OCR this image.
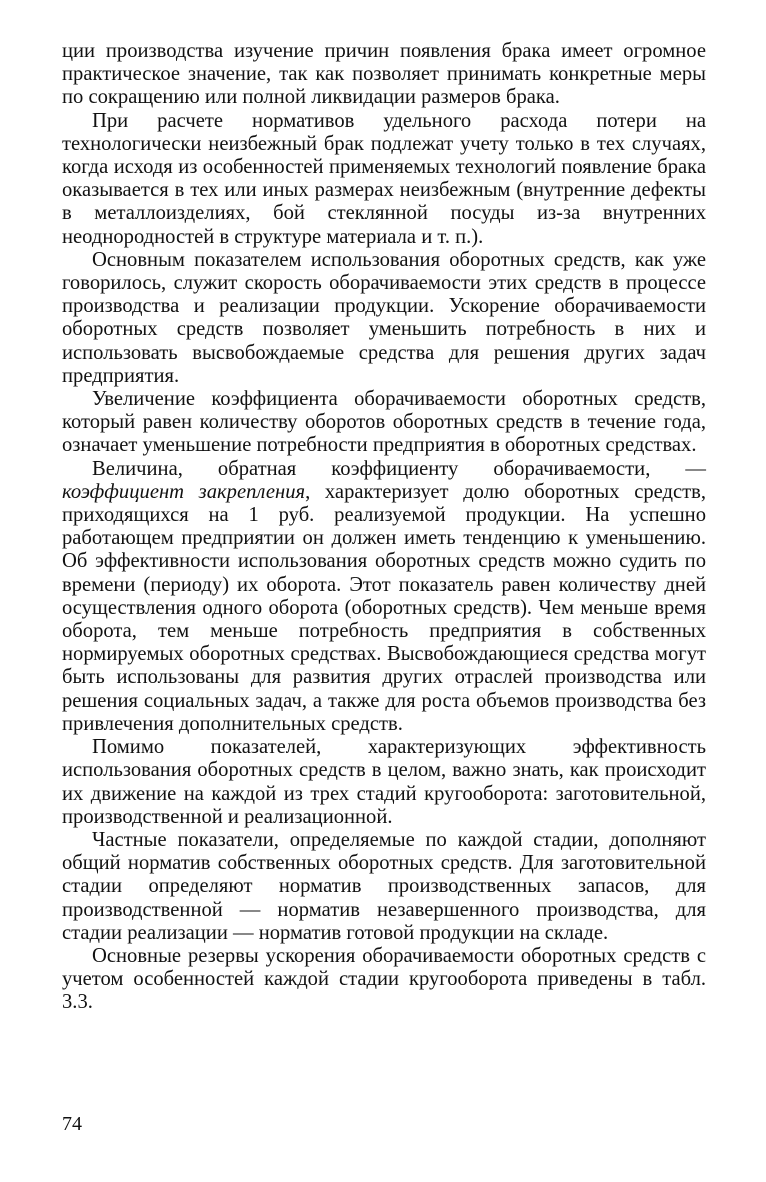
ции производства изучение причин появления брака имеет огромное практическое значение, так как позволяет принимать конкретные меры по сокращению или полной ликвидации размеров брака.

При расчете нормативов удельного расхода потери на технологически неизбежный брак подлежат учету только в тех случаях, когда исходя из особенностей применяемых технологий появление брака оказывается в тех или иных размерах неизбежным (внутренние дефекты в металлоизделиях, бой стеклянной посуды из-за внутренних неоднородностей в структуре материала и т. п.).

Основным показателем использования оборотных средств, как уже говорилось, служит скорость оборачиваемости этих средств в процессе производства и реализации продукции. Ускорение оборачиваемости оборотных средств позволяет уменьшить потребность в них и использовать высвобождаемые средства для решения других задач предприятия.

Увеличение коэффициента оборачиваемости оборотных средств, который равен количеству оборотов оборотных средств в течение года, означает уменьшение потребности предприятия в оборотных средствах.

Величина, обратная коэффициенту оборачиваемости, — коэффициент закрепления, характеризует долю оборотных средств, приходящихся на 1 руб. реализуемой продукции. На успешно работающем предприятии он должен иметь тенденцию к уменьшению. Об эффективности использования оборотных средств можно судить по времени (периоду) их оборота. Этот показатель равен количеству дней осуществления одного оборота (оборотных средств). Чем меньше время оборота, тем меньше потребность предприятия в собственных нормируемых оборотных средствах. Высвобождающиеся средства могут быть использованы для развития других отраслей производства или решения социальных задач, а также для роста объемов производства без привлечения дополнительных средств.

Помимо показателей, характеризующих эффективность использования оборотных средств в целом, важно знать, как происходит их движение на каждой из трех стадий кругооборота: заготовительной, производственной и реализационной.

Частные показатели, определяемые по каждой стадии, дополняют общий норматив собственных оборотных средств. Для заготовительной стадии определяют норматив производственных запасов, для производственной — норматив незавершенного производства, для стадии реализации — норматив готовой продукции на складе.

Основные резервы ускорения оборачиваемости оборотных средств с учетом особенностей каждой стадии кругооборота приведены в табл. 3.3.

74
